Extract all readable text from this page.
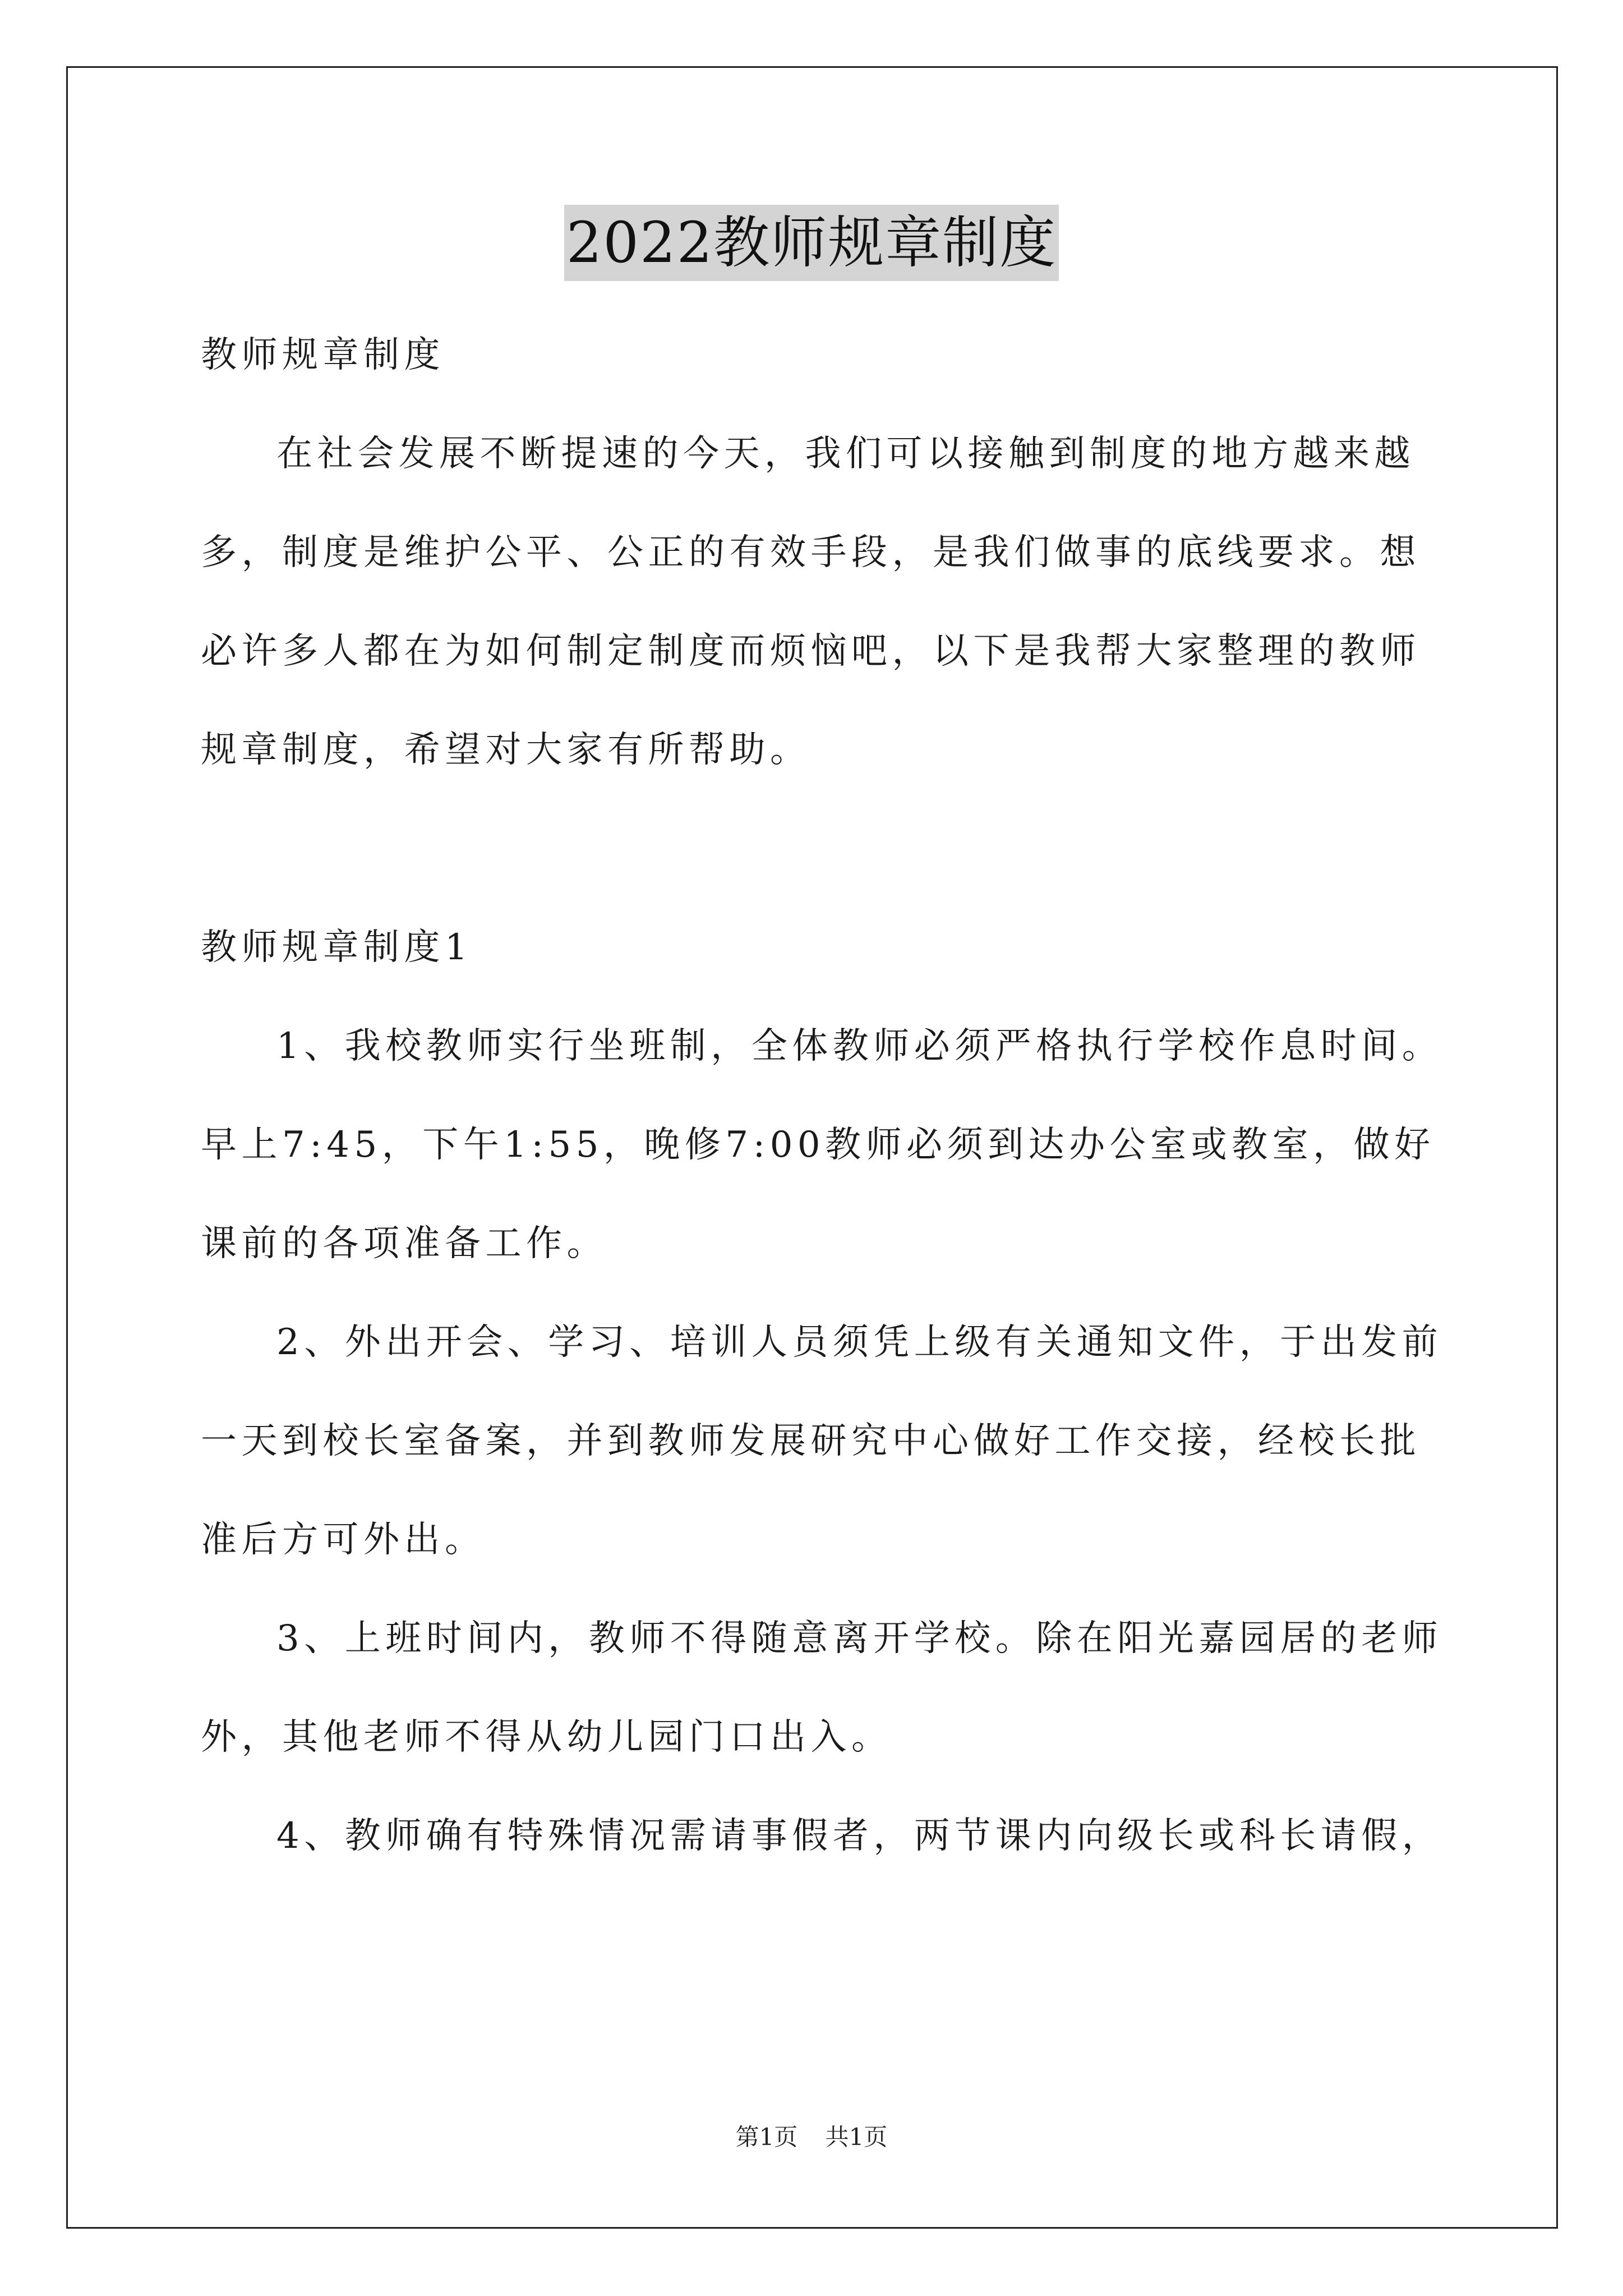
2022教师规章制度
教师规章制度
在社会发展不断提速的今天，我们可以接触到制度的地方越来越
多，制度是维护公平、公正的有效手段，是我们做事的底线要求。想
必许多人都在为如何制定制度而烦恼吧，以下是我帮大家整理的教师
规章制度，希望对大家有所帮助。
教师规章制度1
1、我校教师实行坐班制，全体教师必须严格执行学校作息时间。
早上7:45，下午1:55，晚修7:00教师必须到达办公室或教室，做好
课前的各项准备工作。
2、外出开会、学习、培训人员须凭上级有关通知文件，于出发前
一天到校长室备案，并到教师发展研究中心做好工作交接，经校长批
准后方可外出。
3、上班时间内，教师不得随意离开学校。除在阳光嘉园居的老师
外，其他老师不得从幼儿园门口出入。
4、教师确有特殊情况需请事假者，两节课内向级长或科长请假，
第1页 共1页
